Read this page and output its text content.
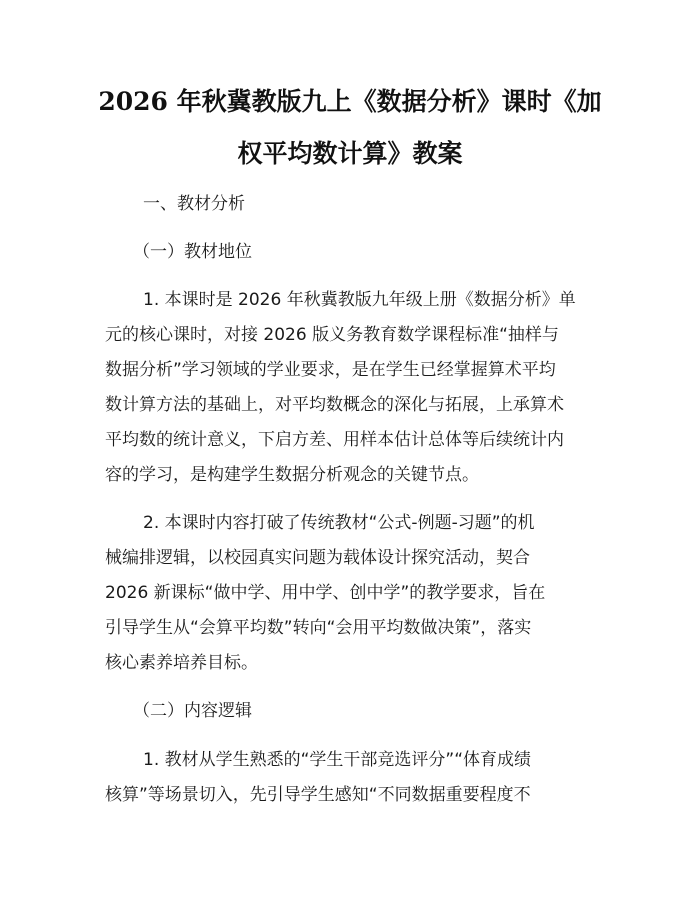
2026 年秋冀教版九上《数据分析》课时《加
权平均数计算》教案
一、教材分析
（一）教材地位
1. 本课时是 2026 年秋冀教版九年级上册《数据分析》单
元的核心课时，对接 2026 版义务教育数学课程标准“抽样与
数据分析”学习领域的学业要求，是在学生已经掌握算术平均
数计算方法的基础上，对平均数概念的深化与拓展，上承算术
平均数的统计意义，下启方差、用样本估计总体等后续统计内
容的学习，是构建学生数据分析观念的关键节点。
2. 本课时内容打破了传统教材“公式-例题-习题”的机
械编排逻辑，以校园真实问题为载体设计探究活动，契合
2026 新课标“做中学、用中学、创中学”的教学要求，旨在
引导学生从“会算平均数”转向“会用平均数做决策”，落实
核心素养培养目标。
（二）内容逻辑
1. 教材从学生熟悉的“学生干部竞选评分”“体育成绩
核算”等场景切入，先引导学生感知“不同数据重要程度不
